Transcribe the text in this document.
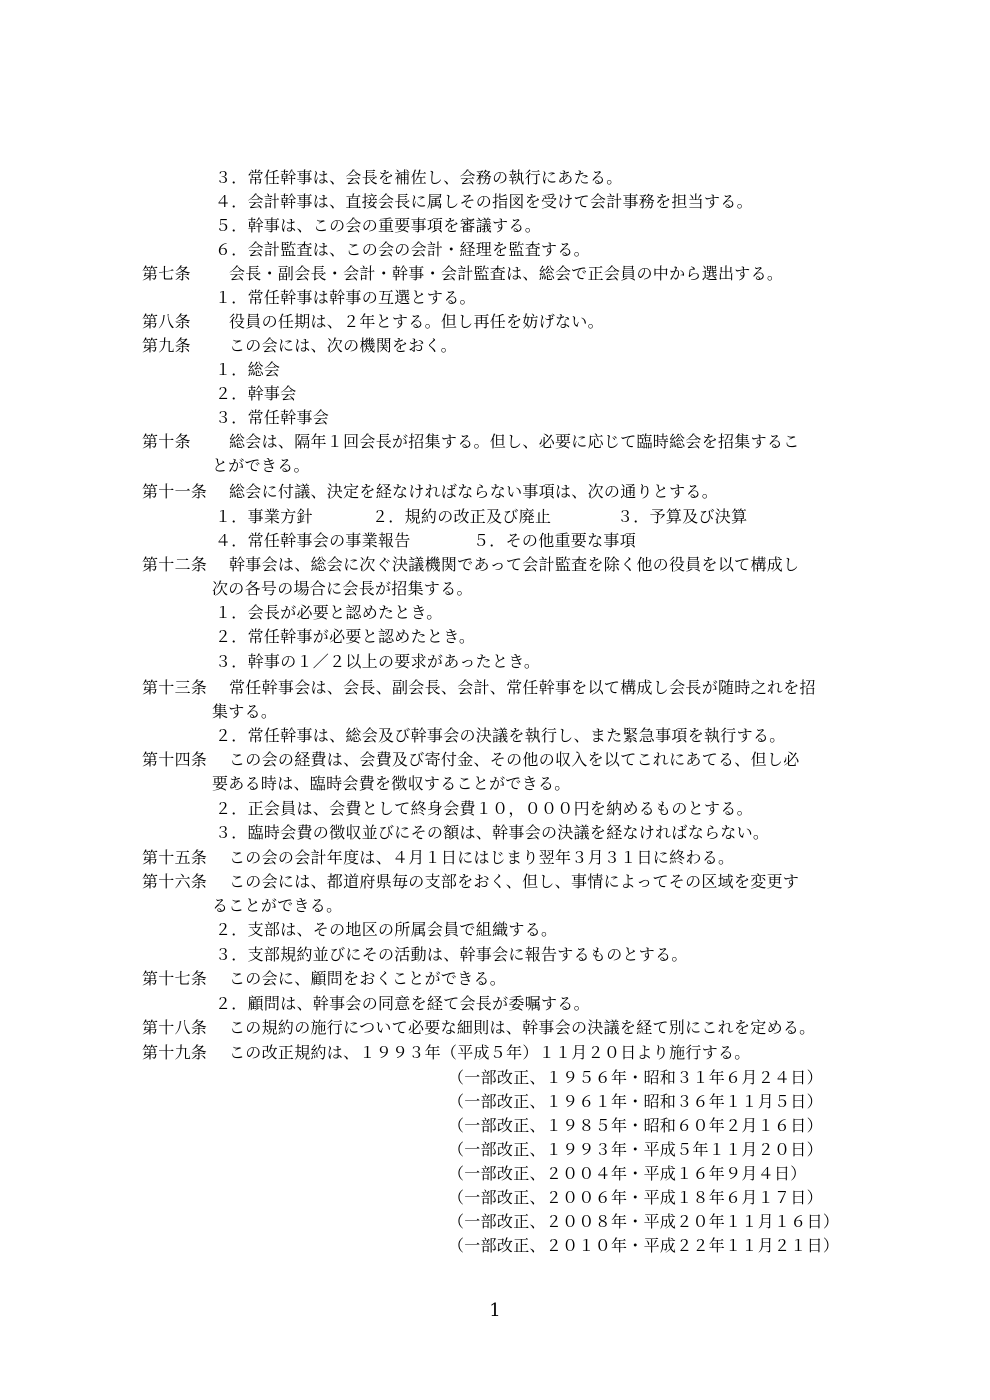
３．常任幹事は、会長を補佐し、会務の執行にあたる。
４．会計幹事は、直接会長に属しその指図を受けて会計事務を担当する。
５．幹事は、この会の重要事項を審議する。
６．会計監査は、この会の会計・経理を監査する。
第七条 会長・副会長・会計・幹事・会計監査は、総会で正会員の中から選出する。
１．常任幹事は幹事の互選とする。
第八条 役員の任期は、２年とする。但し再任を妨げない。
第九条 この会には、次の機関をおく。
１．総会
２．幹事会
３．常任幹事会
第十条 総会は、隔年１回会長が招集する。但し、必要に応じて臨時総会を招集するこ
とができる。
第十一条 総会に付議、決定を経なければならない事項は、次の通りとする。
１．事業方針	２．規約の改正及び廃止	３．予算及び決算
４．常任幹事会の事業報告	５．その他重要な事項
第十二条 幹事会は、総会に次ぐ決議機関であって会計監査を除く他の役員を以て構成し
次の各号の場合に会長が招集する。
１．会長が必要と認めたとき。
２．常任幹事が必要と認めたとき。
３．幹事の１／２以上の要求があったとき。
第十三条 常任幹事会は、会長、副会長、会計、常任幹事を以て構成し会長が随時之れを招
集する。
２．常任幹事は、総会及び幹事会の決議を執行し、また緊急事項を執行する。
第十四条 この会の経費は、会費及び寄付金、その他の収入を以てこれにあてる、但し必
要ある時は、臨時会費を徴収することができる。
２．正会員は、会費として終身会費１０，０００円を納めるものとする。
３．臨時会費の徴収並びにその額は、幹事会の決議を経なければならない。
第十五条 この会の会計年度は、４月１日にはじまり翌年３月３１日に終わる。
第十六条 この会には、都道府県毎の支部をおく、但し、事情によってその区域を変更す
ることができる。
２．支部は、その地区の所属会員で組織する。
３．支部規約並びにその活動は、幹事会に報告するものとする。
第十七条 この会に、顧問をおくことができる。
２．顧問は、幹事会の同意を経て会長が委嘱する。
第十八条 この規約の施行について必要な細則は、幹事会の決議を経て別にこれを定める。
第十九条 この改正規約は、１９９３年（平成５年）１１月２０日より施行する。
（一部改正、１９５６年・昭和３１年６月２４日）
（一部改正、１９６１年・昭和３６年１１月５日）
（一部改正、１９８５年・昭和６０年２月１６日）
（一部改正、１９９３年・平成５年１１月２０日）
（一部改正、２００４年・平成１６年９月４日）
（一部改正、２００６年・平成１８年６月１７日）
（一部改正、２００８年・平成２０年１１月１６日）
（一部改正、２０１０年・平成２２年１１月２１日）
1
